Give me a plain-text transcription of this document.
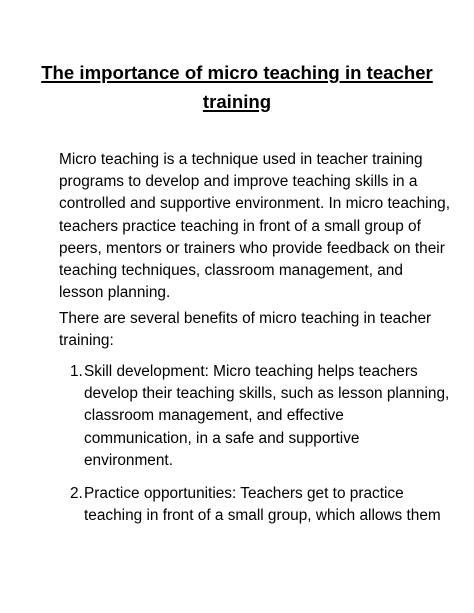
The importance of micro teaching in teacher
training
Micro teaching is a technique used in teacher training programs to develop and improve teaching skills in a controlled and supportive environment. In micro teaching, teachers practice teaching in front of a small group of peers, mentors or trainers who provide feedback on their teaching techniques, classroom management, and lesson planning.
There are several benefits of micro teaching in teacher training:
1. Skill development: Micro teaching helps teachers develop their teaching skills, such as lesson planning, classroom management, and effective communication, in a safe and supportive environment.
2. Practice opportunities: Teachers get to practice teaching in front of a small group, which allows them
